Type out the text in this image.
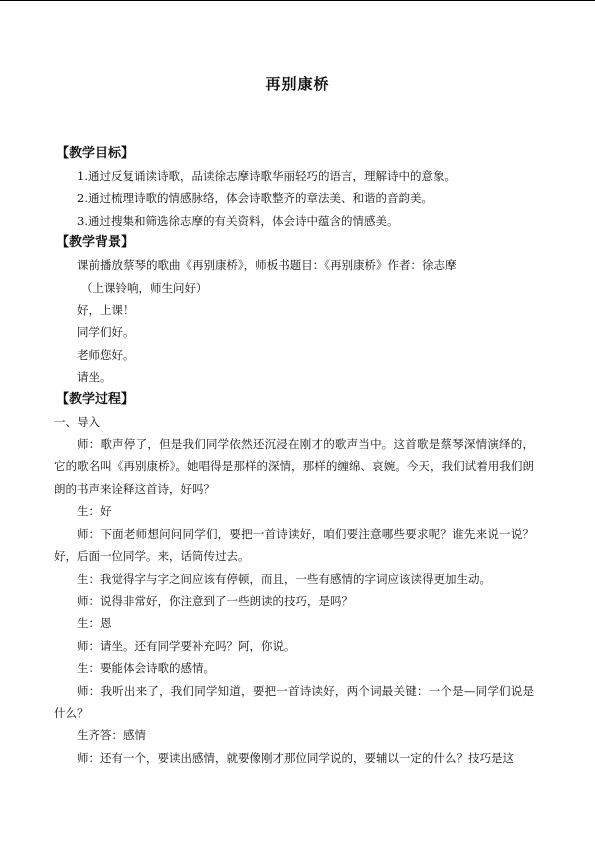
再别康桥
【教学目标】
1.通过反复诵读诗歌，品读徐志摩诗歌华丽轻巧的语言，理解诗中的意象。
2.通过梳理诗歌的情感脉络，体会诗歌整齐的章法美、和谐的音韵美。
3.通过搜集和筛选徐志摩的有关资料，体会诗中蕴含的情感美。
【教学背景】
课前播放蔡琴的歌曲《再别康桥》，师板书题目：《再别康桥》作者：徐志摩
（上课铃响，师生问好）
好，上课！
同学们好。
老师您好。
请坐。
【教学过程】
一、导入

师：歌声停了，但是我们同学依然还沉浸在刚才的歌声当中。这首歌是蔡琴深情演绎的，它的歌名叫《再别康桥》。她唱得是那样的深情，那样的缠绵、哀婉。今天，我们试着用我们朗朗的书声来诠释这首诗，好吗？

生：好

师：下面老师想问问同学们，要把一首诗读好，咱们要注意哪些要求呢？谁先来说一说？好，后面一位同学。来，话筒传过去。

生：我觉得字与字之间应该有停顿，而且，一些有感情的字词应该读得更加生动。

师：说得非常好，你注意到了一些朗读的技巧，是吗？

生：恩

师：请坐。还有同学要补充吗？阿，你说。

生：要能体会诗歌的感情。

师：我听出来了，我们同学知道，要把一首诗读好，两个词最关键：一个是—同学们说是什么？

生齐答：感情

师：还有一个，要读出感情，就要像刚才那位同学说的，要辅以一定的什么？技巧是这
